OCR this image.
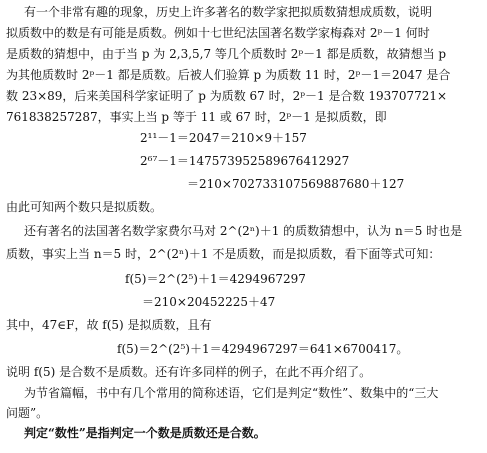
有一个非常有趣的现象，历史上许多著名的数学家把拟质数猜想成质数，说明
拟质数中的数是有可能是质数。例如十七世纪法国著名数学家梅森对 2ᵖ－1 何时
是质数的猜想中，由于当 p 为 2,3,5,7 等几个质数时 2ᵖ－1 都是质数，故猜想当 p
为其他质数时 2ᵖ－1 都是质数。后被人们验算 p 为质数 11 时，2ᵖ－1＝2047 是合
数 23×89，后来美国科学家证明了 p 为质数 67 时，2ᵖ－1 是合数 193707721×
761838257287，事实上当 p 等于 11 或 67 时，2ᵖ－1 是拟质数，即
2¹¹－1＝2047＝210×9＋157
2⁶⁷－1＝147573952589676412927
＝210×702733107569887680＋127
由此可知两个数只是拟质数。
还有著名的法国著名数学家费尔马对 2^(2ⁿ)＋1 的质数猜想中，认为 n＝5 时也是
质数，事实上当 n＝5 时，2^(2ⁿ)＋1 不是质数，而是拟质数，看下面等式可知：
f(5)＝2^(2⁵)＋1＝4294967297
＝210×20452225＋47
其中，47∈F，故 f(5) 是拟质数，且有
f(5)＝2^(2⁵)＋1＝4294967297＝641×6700417。
说明 f(5) 是合数不是质数。还有许多同样的例子，在此不再介绍了。
为节省篇幅，书中有几个常用的简称述语，它们是判定“数性”、数集中的“三大
问题”。
判定“数性”是指判定一个数是质数还是合数。
